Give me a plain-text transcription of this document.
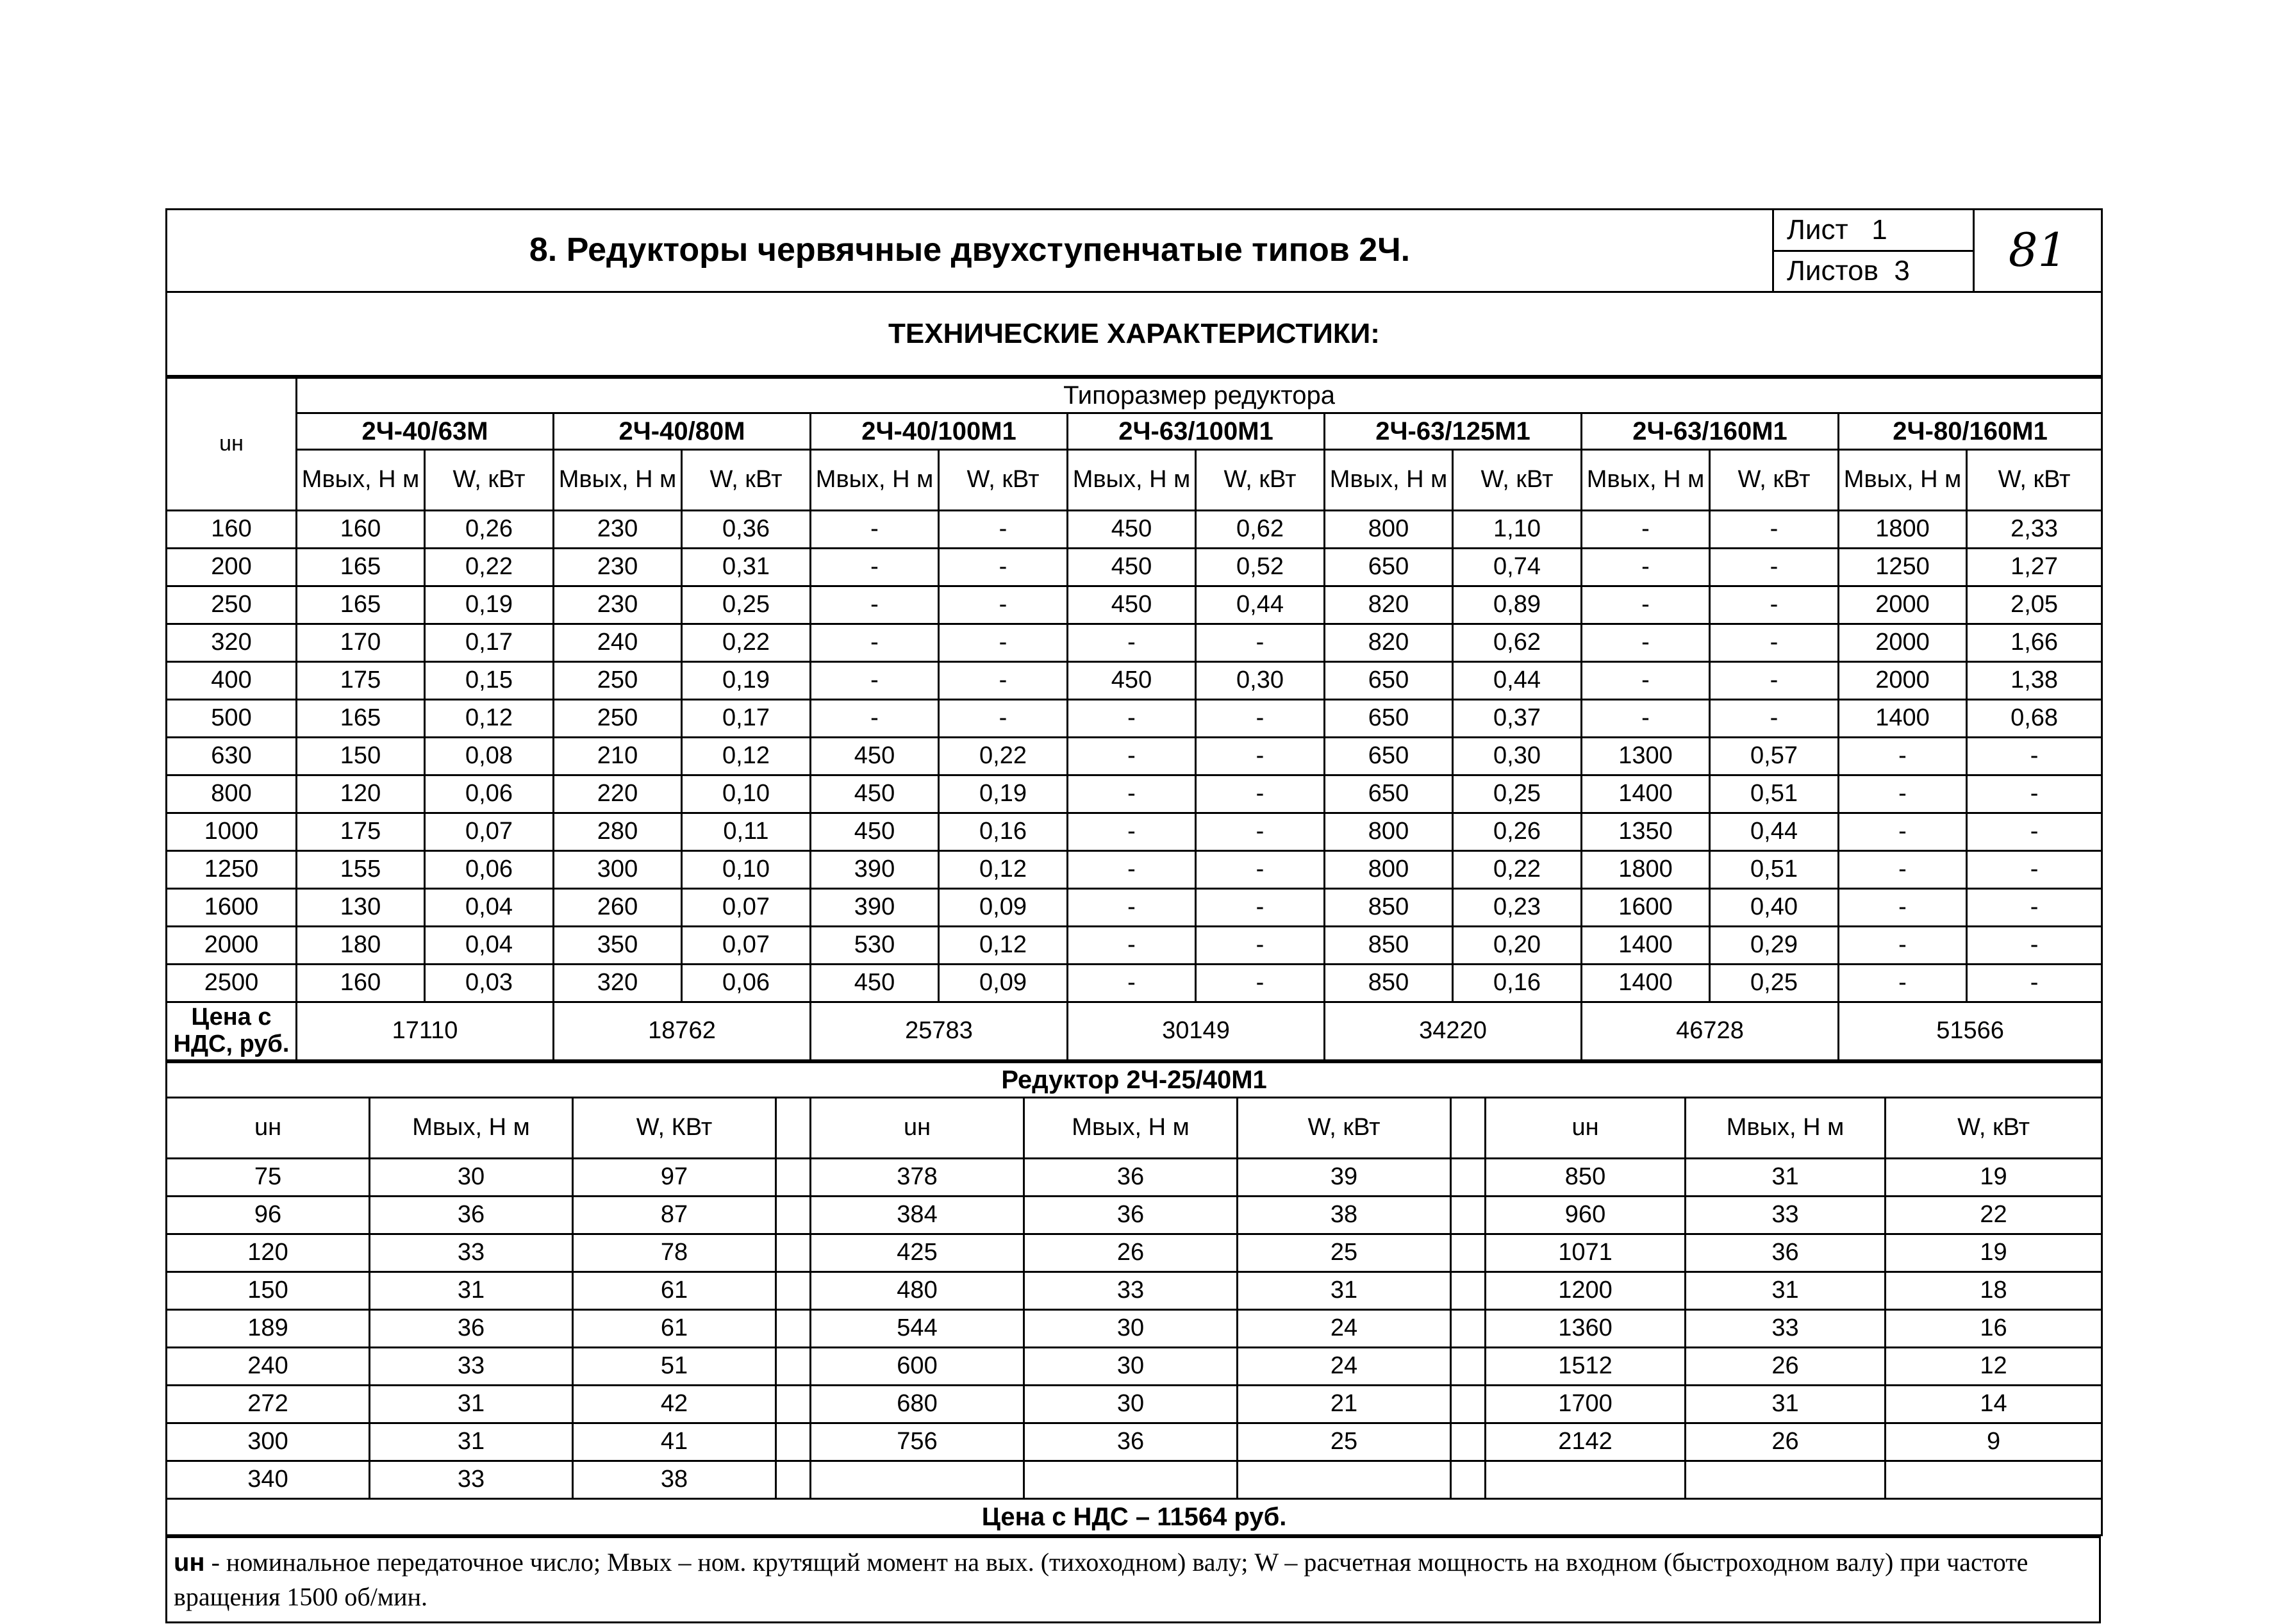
8. Редукторы червячные двухступенчатые типов 2Ч.	Лист 1	81
Листов 3
ТЕХНИЧЕСКИЕ ХАРАКТЕРИСТИКИ:
uн	Типоразмер редуктора													
	2Ч-40/63М		2Ч-40/80М		2Ч-40/100М1		2Ч-63/100М1		2Ч-63/125М1		2Ч-63/160М1		2Ч-80/160М1	
	Mвых, Н м	W, кВт	Mвых, Н м	W, кВт	Mвых, Н м	W, кВт	Mвых, Н м	W, кВт	Mвых, Н м	W, кВт	Mвых, Н м	W, кВт	Mвых, Н м	W, кВт
160	160	0,26	230	0,36	-	-	450	0,62	800	1,10	-	-	1800	2,33
200	165	0,22	230	0,31	-	-	450	0,52	650	0,74	-	-	1250	1,27
250	165	0,19	230	0,25	-	-	450	0,44	820	0,89	-	-	2000	2,05
320	170	0,17	240	0,22	-	-	-	-	820	0,62	-	-	2000	1,66
400	175	0,15	250	0,19	-	-	450	0,30	650	0,44	-	-	2000	1,38
500	165	0,12	250	0,17	-	-	-	-	650	0,37	-	-	1400	0,68
630	150	0,08	210	0,12	450	0,22	-	-	650	0,30	1300	0,57	-	-
800	120	0,06	220	0,10	450	0,19	-	-	650	0,25	1400	0,51	-	-
1000	175	0,07	280	0,11	450	0,16	-	-	800	0,26	1350	0,44	-	-
1250	155	0,06	300	0,10	390	0,12	-	-	800	0,22	1800	0,51	-	-
1600	130	0,04	260	0,07	390	0,09	-	-	850	0,23	1600	0,40	-	-
2000	180	0,04	350	0,07	530	0,12	-	-	850	0,20	1400	0,29	-	-
2500	160	0,03	320	0,06	450	0,09	-	-	850	0,16	1400	0,25	-	-
Цена с
НДС, руб.	17110		18762		25783		30149		34220		46728		51566	
Редуктор 2Ч-25/40М1										
uн	Mвых, Н м	W, КВт		uн	Mвых, Н м	W, кВт		uн	Mвых, Н м	W, кВт
75	30	97		378	36	39		850	31	19
96	36	87		384	36	38		960	33	22
120	33	78		425	26	25		1071	36	19
150	31	61		480	33	31		1200	31	18
189	36	61		544	30	24		1360	33	16
240	33	51		600	30	24		1512	26	12
272	31	42		680	30	21		1700	31	14
300	31	41		756	36	25		2142	26	9
340	33	38								
Цена с НДС – 11564 руб.										
uн - номинальное передаточное число; Mвых – ном. крутящий момент на вых. (тихоходном) валу; W – расчетная мощность на входном (быстроходном валу) при частоте вращения 1500 об/мин.
